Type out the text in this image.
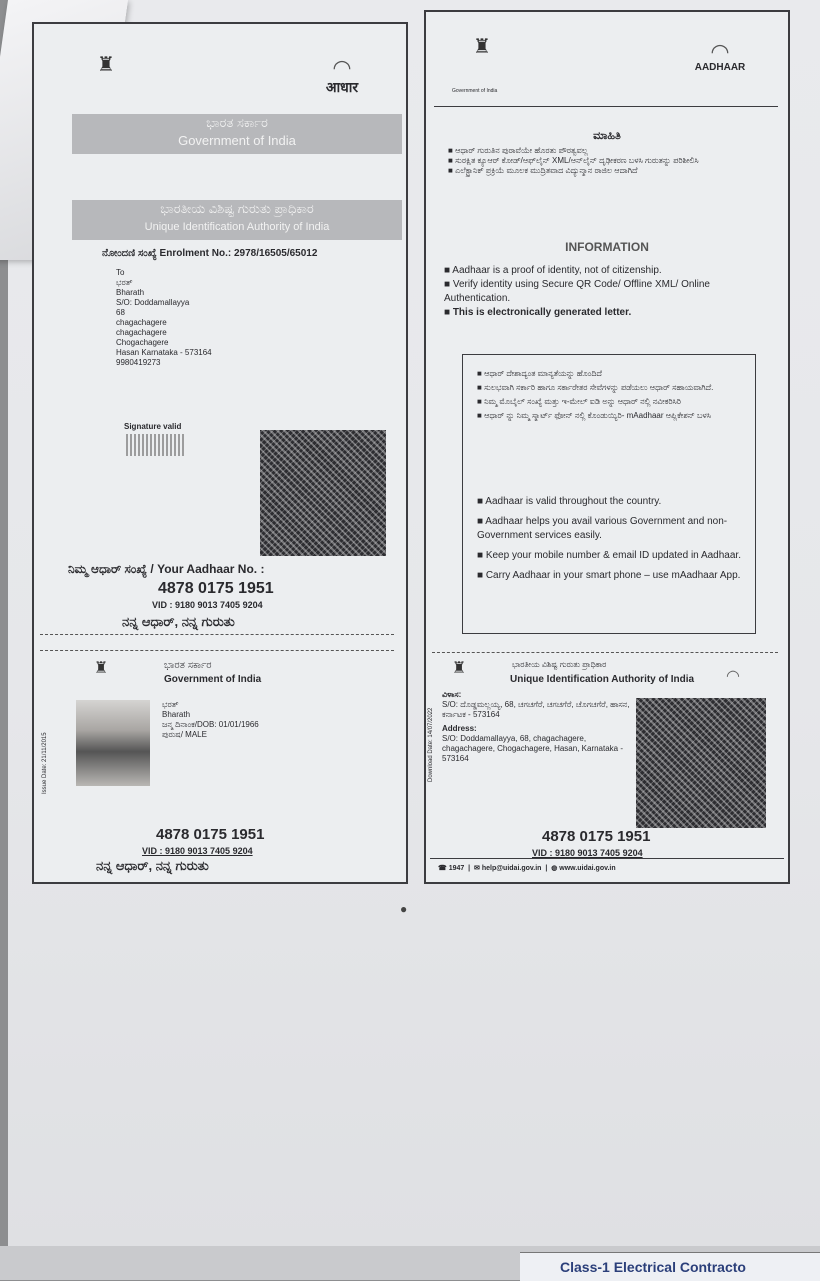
♜	◠
आधार
ಭಾರತ ಸರ್ಕಾರ
Government of India
ಭಾರತೀಯ ವಿಶಿಷ್ಟ ಗುರುತು ಪ್ರಾಧಿಕಾರ
Unique Identification Authority of India
ನೋಂದಣಿ ಸಂಖ್ಯೆ Enrolment No.: 2978/16505/65012
To
ಭರತ್
Bharath
S/O: Doddamallayya
68
chagachagere
chagachagere
Chogachagere
Hasan Karnataka - 573164
9980419273
Signature valid
ನಿಮ್ಮ ಆಧಾರ್ ಸಂಖ್ಯೆ / Your Aadhaar No. :
4878 0175 1951
VID : 9180 9013 7405 9204
ನನ್ನ ಆಧಾರ್, ನನ್ನ ಗುರುತು
♜	ಭಾರತ ಸರ್ಕಾರ
Government of India
ಭರತ್
Bharath
ಜನ್ಮ ದಿನಾಂಕ/DOB: 01/01/1966
ಪುರುಷ/ MALE
Issue Date: 21/11/2015
4878 0175 1951
VID : 9180 9013 7405 9204
ನನ್ನ ಆಧಾರ್, ನನ್ನ ಗುರುತು
♜
Government of India
◠
AADHAAR
ಮಾಹಿತಿ
■ ಆಧಾರ್ ಗುರುತಿನ ಪುರಾವೆಯೇ ಹೊರತು ಪೌರತ್ವವಲ್ಲ
■ ಸುರಕ್ಷಿತ ಕ್ಯೂಆರ್ ಕೋಡ್/ಆಫ್‌ಲೈನ್ XML/ಆನ್‌ಲೈನ್ ದೃಢೀಕರಣ ಬಳಸಿ ಗುರುತನ್ನು ಪರಿಶೀಲಿಸಿ
■ ಎಲೆಕ್ಟ್ರಾನಿಕ್ ಪ್ರಕ್ರಿಯೆ ಮೂಲಕ ಮುದ್ರಿತವಾದ ವಿದ್ಯುನ್ಮಾನ ರಾಜಿಲ ಆದಾಗಿದೆ
INFORMATION
■ Aadhaar is a proof of identity, not of citizenship.
■ Verify identity using Secure QR Code/ Offline XML/ Online Authentication.
■ This is electronically generated letter.
■ ಆಧಾರ್ ದೇಶಾದ್ಯಂತ ಮಾನ್ಯತೆಯನ್ನು ಹೊಂದಿದೆ
■ ಸುಲಭವಾಗಿ ಸರ್ಕಾರಿ ಹಾಗೂ ಸರ್ಕಾರೇತರ ಸೇವೆಗಳನ್ನು ಪಡೆಯಲು ಆಧಾರ್ ಸಹಾಯವಾಗಿದೆ.
■ ನಿಮ್ಮ ಮೊಬೈಲ್ ಸಂಖ್ಯೆ ಮತ್ತು ಇ-ಮೇಲ್ ಐಡಿ ಅನ್ನು ಆಧಾರ್ ನಲ್ಲಿ ನವೀಕರಿಸಿರಿ
■ ಆಧಾರ್ ನ್ನು ನಿಮ್ಮ ಸ್ಮಾರ್ಟ್ ಫೋನ್ ನಲ್ಲಿ ಕೊಂಡುಯ್ಯಿರಿ- mAadhaar ಆಪ್ಲಿಕೇಶನ್ ಬಳಸಿ
■ Aadhaar is valid throughout the country.
■ Aadhaar helps you avail various Government and non-Government services easily.
■ Keep your mobile number & email ID updated in Aadhaar.
■ Carry Aadhaar in your smart phone – use mAadhaar App.
♜	ಭಾರತೀಯ ವಿಶಿಷ್ಟ ಗುರುತು ಪ್ರಾಧಿಕಾರ
Unique Identification Authority of India ◠
Download Date: 14/07/2022
ವಿಳಾಸ:
S/O: ದೊಡ್ಡಮಲ್ಲಯ್ಯ, 68, ಚಗಚಗೆರೆ, ಚಗಚಗೆರೆ, ಚೊಗಚಗೆರೆ, ಹಾಸನ, ಕರ್ನಾಟಕ - 573164
Address:
S/O: Doddamallayya, 68, chagachagere, chagachagere, Chogachagere, Hasan, Karnataka - 573164
4878 0175 1951
VID : 9180 9013 7405 9204
☎ 1947  |  ✉ help@uidai.gov.in  |  ◍ www.uidai.gov.in
●
Class-1 Electrical Contracto
